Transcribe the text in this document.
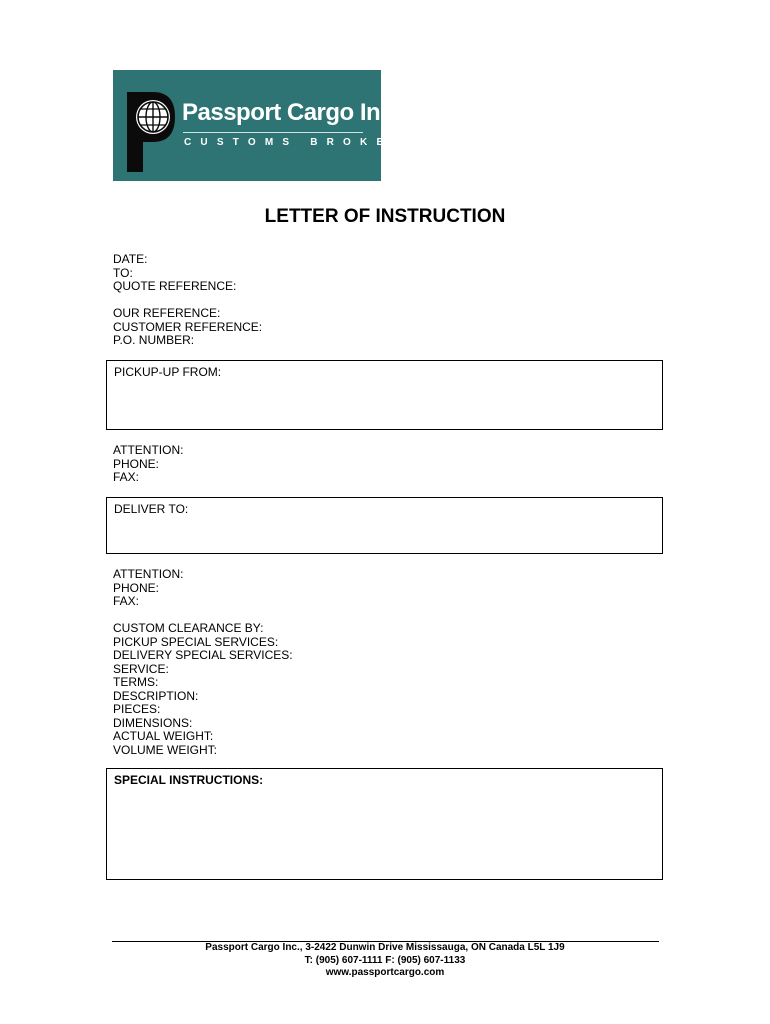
Passport Cargo Inc.
CUSTOMS BROKERS
LETTER OF INSTRUCTION
DATE:
TO:
QUOTE REFERENCE:
OUR REFERENCE:
CUSTOMER REFERENCE:
P.O. NUMBER:
PICKUP-UP FROM:
ATTENTION:
PHONE:
FAX:
DELIVER TO:
ATTENTION:
PHONE:
FAX:
CUSTOM CLEARANCE BY:
PICKUP SPECIAL SERVICES:
DELIVERY SPECIAL SERVICES:
SERVICE:
TERMS:
DESCRIPTION:
PIECES:
DIMENSIONS:
ACTUAL WEIGHT:
VOLUME WEIGHT:
SPECIAL INSTRUCTIONS:
Passport Cargo Inc., 3-2422 Dunwin Drive Mississauga, ON Canada L5L 1J9
T: (905) 607-1111 F: (905) 607-1133
www.passportcargo.com
